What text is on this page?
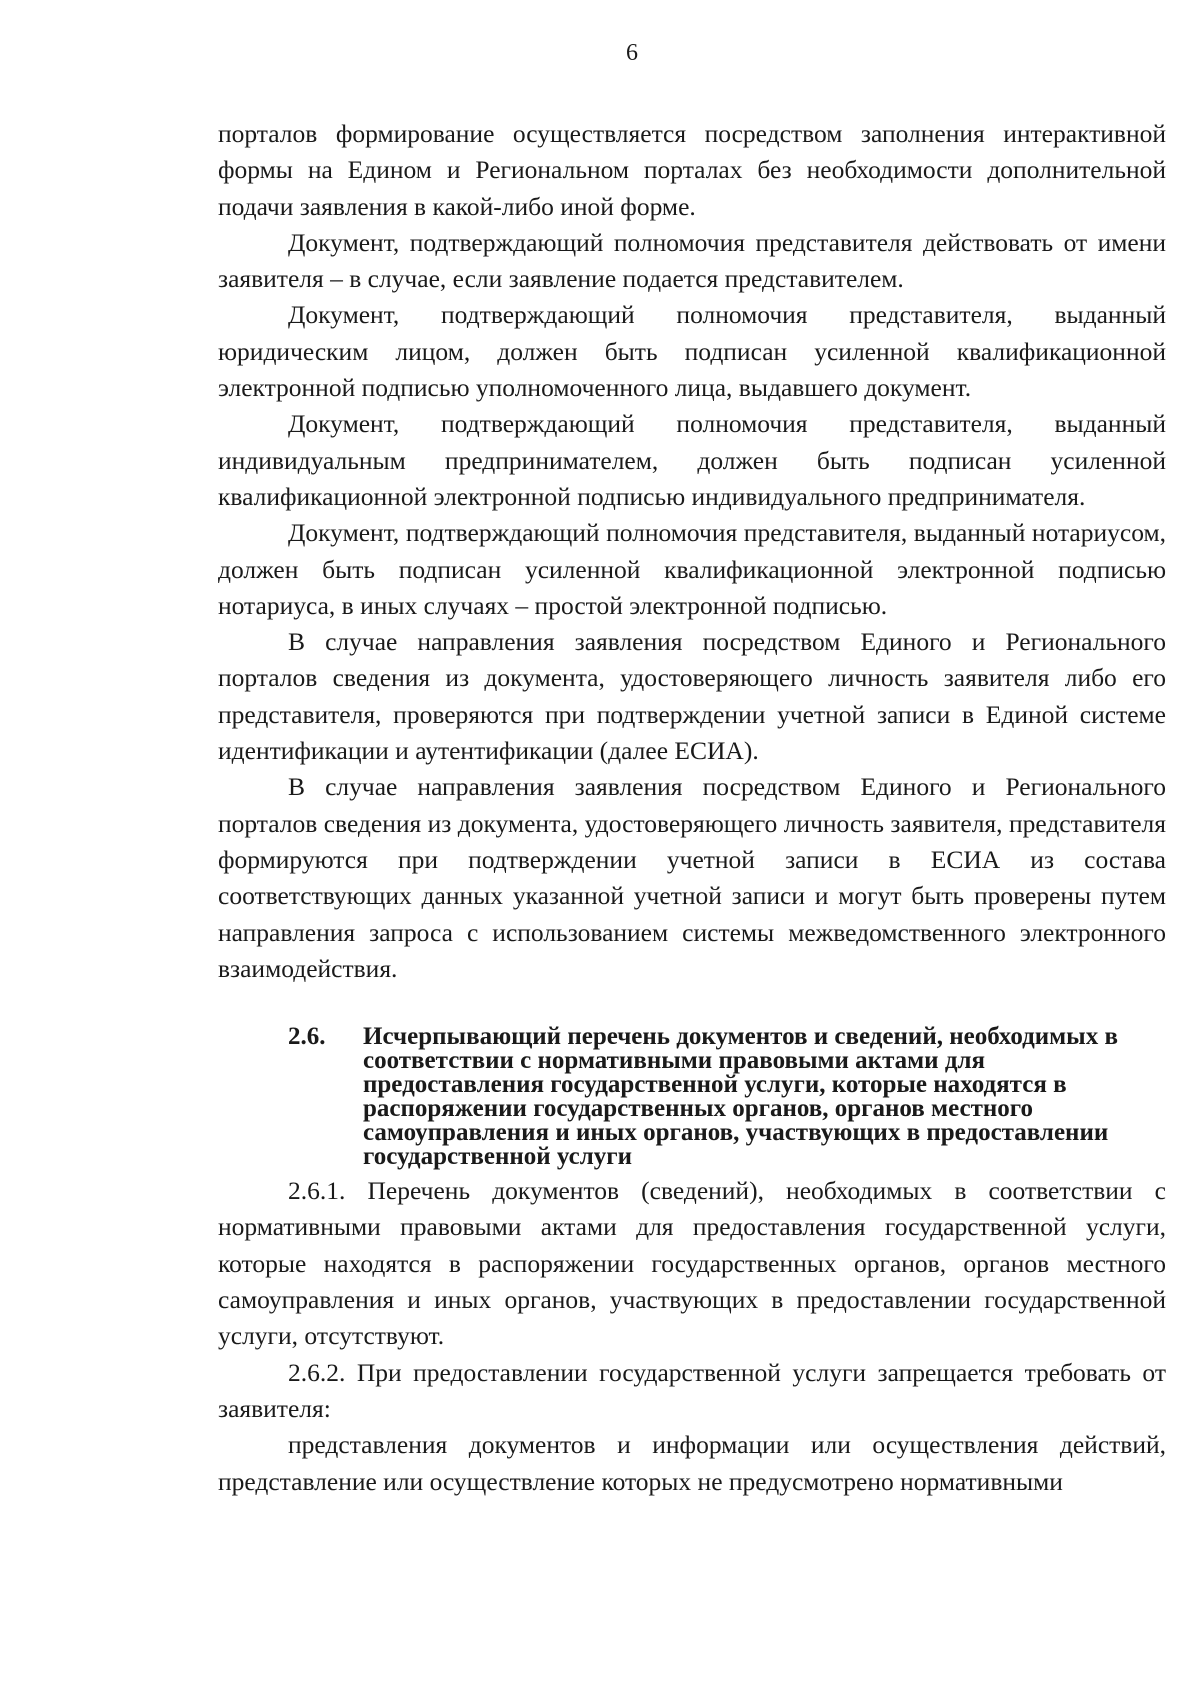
6

порталов формирование осуществляется посредством заполнения интерактивной формы на Едином и Региональном порталах без необходимости дополнительной подачи заявления в какой-либо иной форме.

Документ, подтверждающий полномочия представителя действовать от имени заявителя – в случае, если заявление подается представителем.

Документ, подтверждающий полномочия представителя, выданный юридическим лицом, должен быть подписан усиленной квалификационной электронной подписью уполномоченного лица, выдавшего документ.

Документ, подтверждающий полномочия представителя, выданный индивидуальным предпринимателем, должен быть подписан усиленной квалификационной электронной подписью индивидуального предпринимателя.

Документ, подтверждающий полномочия представителя, выданный нотариусом, должен быть подписан усиленной квалификационной электронной подписью нотариуса, в иных случаях – простой электронной подписью.

В случае направления заявления посредством Единого и Регионального порталов сведения из документа, удостоверяющего личность заявителя либо его представителя, проверяются при подтверждении учетной записи в Единой системе идентификации и аутентификации (далее ЕСИА).

В случае направления заявления посредством Единого и Регионального порталов сведения из документа, удостоверяющего личность заявителя, представителя формируются при подтверждении учетной записи в ЕСИА из состава соответствующих данных указанной учетной записи и могут быть проверены путем направления запроса с использованием системы межведомственного электронного взаимодействия.

2.6.	Исчерпывающий перечень документов и сведений, необходимых в соответствии с нормативными правовыми актами для предоставления государственной услуги, которые находятся в распоряжении государственных органов, органов местного самоуправления и иных органов, участвующих в предоставлении государственной услуги

2.6.1. Перечень документов (сведений), необходимых в соответствии с нормативными правовыми актами для предоставления государственной услуги, которые находятся в распоряжении государственных органов, органов местного самоуправления и иных органов, участвующих в предоставлении государственной услуги, отсутствуют.

2.6.2. При предоставлении государственной услуги запрещается требовать от заявителя:

представления документов и информации или осуществления действий, представление или осуществление которых не предусмотрено нормативными
